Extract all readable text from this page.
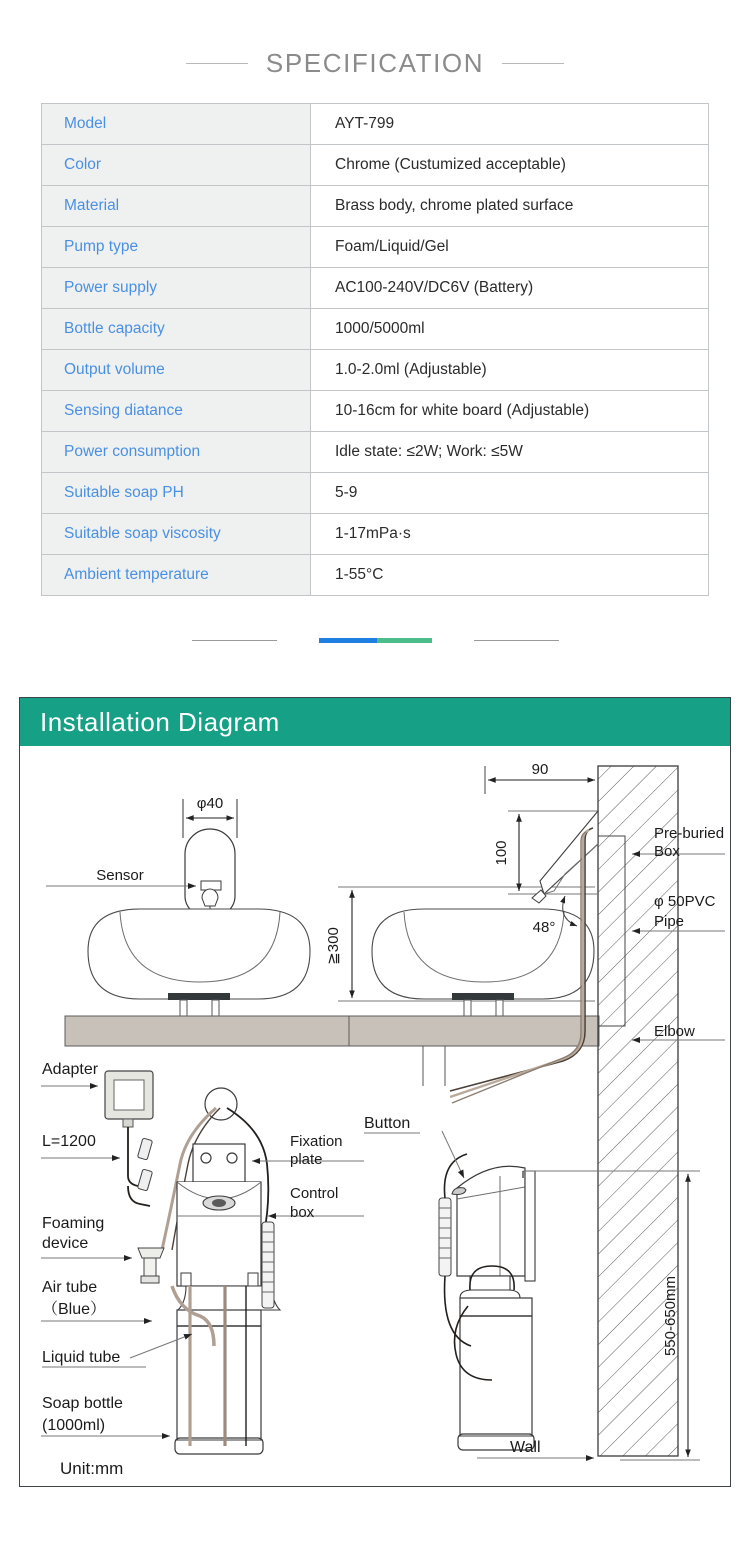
SPECIFICATION
Model	AYT-799
Color	Chrome (Custumized acceptable)
Material	Brass body, chrome plated surface
Pump type	Foam/Liquid/Gel
Power supply	AC100-240V/DC6V (Battery)
Bottle capacity	1000/5000ml
Output volume	1.0-2.0ml (Adjustable)
Sensing diatance	10-16cm for white board (Adjustable)
Power consumption	Idle state: ≤2W; Work: ≤5W
Suitable soap PH	5-9
Suitable soap viscosity	1-17mPa·s
Ambient temperature	1-55°C
Installation Diagram
φ40
Sensor
≧300
90
100
48°
Pre-buried
Box
φ 50PVC
Pipe
Elbow
Adapter
L=1200	Fixation
plate
Control
box
Foaming
device
Air tube
（Blue）
Liquid tube
Soap bottle
(1000ml)
Unit:mm
Button
550-650mm
Wall
